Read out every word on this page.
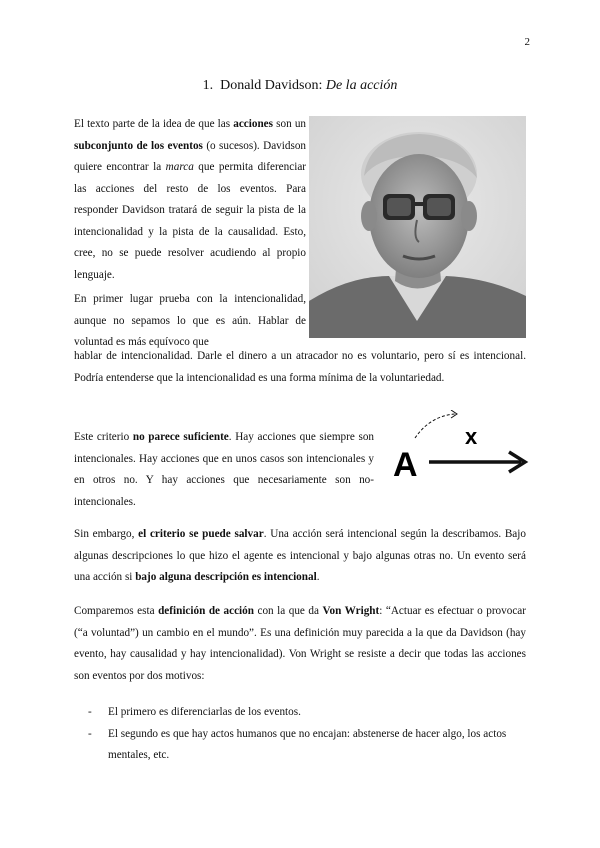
2
1. Donald Davidson: De la acción

El texto parte de la idea de que las acciones son un subconjunto de los eventos (o sucesos). Davidson quiere encontrar la marca que permita diferenciar las acciones del resto de los eventos. Para responder Davidson tratará de seguir la pista de la intencionalidad y la pista de la causalidad. Esto, cree, no se puede resolver acudiendo al propio lenguaje.

En primer lugar prueba con la intencionalidad, aunque no sepamos lo que es aún. Hablar de voluntad es más equívoco que

hablar de intencionalidad. Darle el dinero a un atracador no es voluntario, pero sí es intencional. Podría entenderse que la intencionalidad es una forma mínima de la voluntariedad.

x
A

Este criterio no parece suficiente. Hay acciones que siempre son intencionales. Hay acciones que en unos casos son intencionales y en otros no. Y hay acciones que necesariamente son no-intencionales.

Sin embargo, el criterio se puede salvar. Una acción será intencional según la describamos. Bajo algunas descripciones lo que hizo el agente es intencional y bajo algunas otras no. Un evento será una acción si bajo alguna descripción es intencional.

Comparemos esta definición de acción con la que da Von Wright: “Actuar es efectuar o provocar (“a voluntad”) un cambio en el mundo”. Es una definición muy parecida a la que da Davidson (hay evento, hay causalidad y hay intencionalidad). Von Wright se resiste a decir que todas las acciones son eventos por dos motivos:

- El primero es diferenciarlas de los eventos.
- El segundo es que hay actos humanos que no encajan: abstenerse de hacer algo, los actos mentales, etc.
